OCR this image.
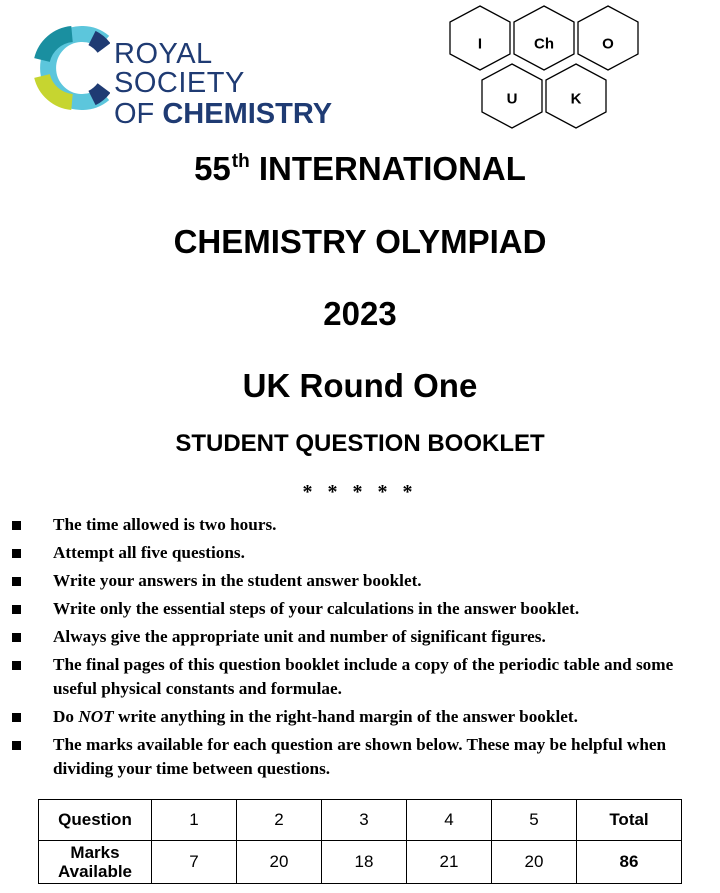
ROYAL SOCIETY
OF CHEMISTRY
I	Ch	O
U	K
55th INTERNATIONAL
CHEMISTRY OLYMPIAD
2023
UK Round One
STUDENT QUESTION BOOKLET
* * * * *
The time allowed is two hours.
Attempt all five questions.
Write your answers in the student answer booklet.
Write only the essential steps of your calculations in the answer booklet.
Always give the appropriate unit and number of significant figures.
The final pages of this question booklet include a copy of the periodic table and some useful physical constants and formulae.
Do NOT write anything in the right-hand margin of the answer booklet.
The marks available for each question are shown below. These may be helpful when dividing your time between questions.
Question	1	2	3	4	5	Total
Marks
Available	7	20	18	21	20	86
